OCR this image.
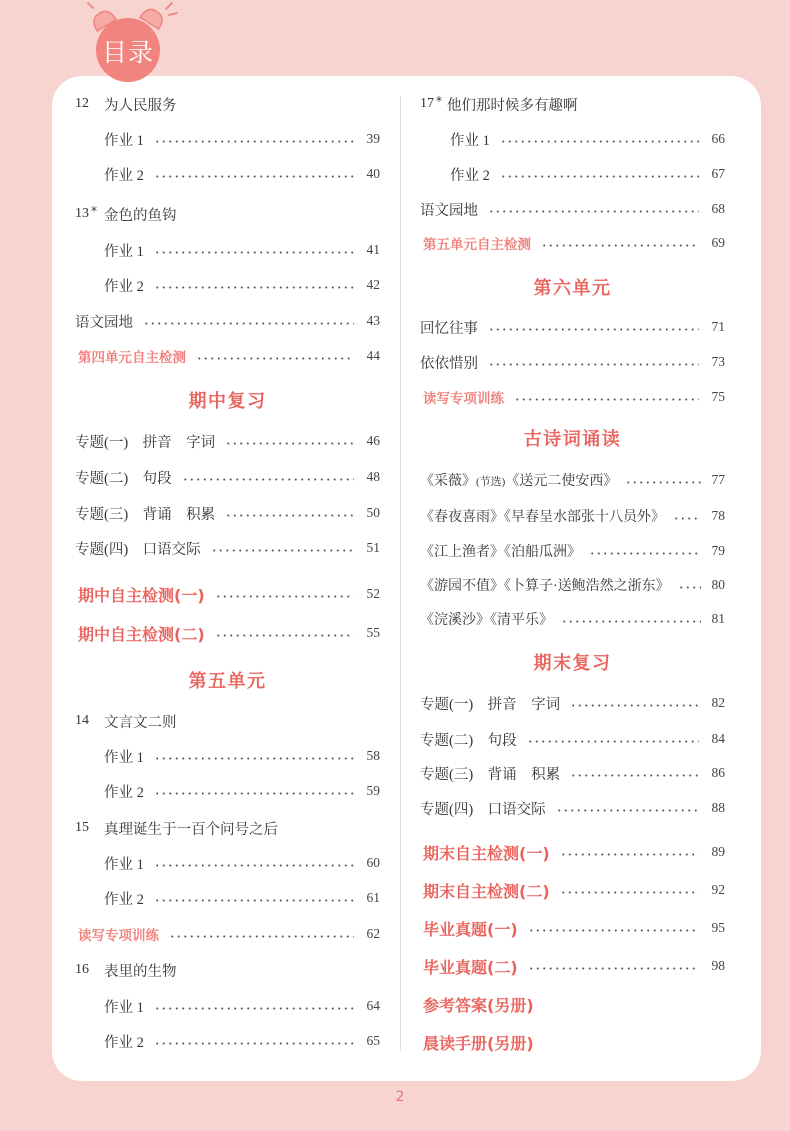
目录
12 为人民服务
作业 1	39
作业 2	40
13 * 金色的鱼钩
作业 1	41
作业 2	42
语文园地	43
第四单元自主检测	44
期中复习
专题(一)　拼音　字词	46
专题(二)　句段	48
专题(三)　背诵　积累	50
专题(四)　口语交际	51
期中自主检测(一)	52
期中自主检测(二)	55
第五单元
14 文言文二则
作业 1	58
作业 2	59
15 真理诞生于一百个问号之后
作业 1	60
作业 2	61
读写专项训练	62
16 表里的生物
作业 1	64
作业 2	65
17 * 他们那时候多有趣啊
作业 1	66
作业 2	67
语文园地	68
第五单元自主检测	69
第六单元
回忆往事	71
依依惜别	73
读写专项训练	75
古诗词诵读
《采薇》(节选)《送元二使安西》	77
《春夜喜雨》《早春呈水部张十八员外》	78
《江上渔者》《泊船瓜洲》	79
《游园不值》《卜算子·送鲍浩然之浙东》	80
《浣溪沙》《清平乐》	81
期末复习
专题(一)　拼音　字词	82
专题(二)　句段	84
专题(三)　背诵　积累	86
专题(四)　口语交际	88
期末自主检测(一)	89
期末自主检测(二)	92
毕业真题(一)	95
毕业真题(二)	98
参考答案(另册)
晨读手册(另册)
2
